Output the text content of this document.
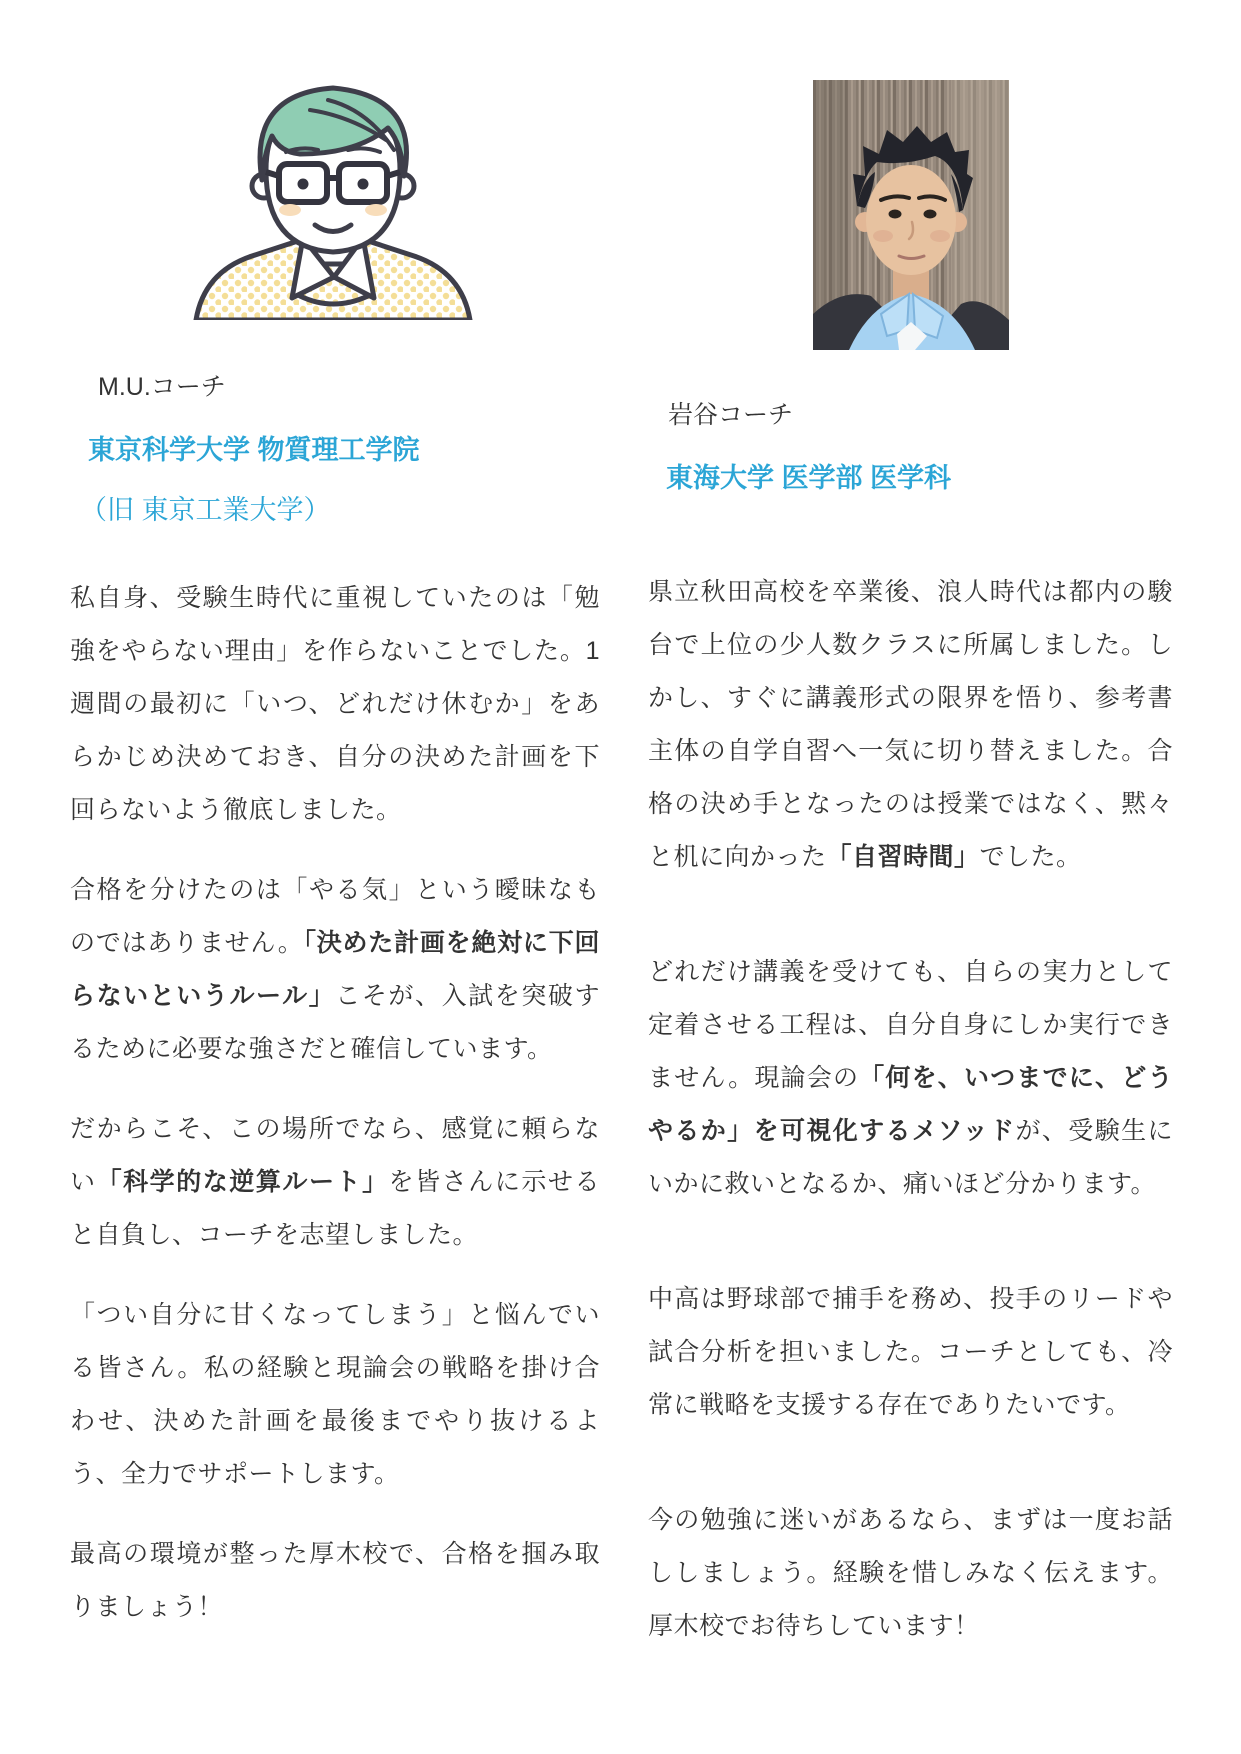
M.U.コーチ
東京科学大学 物質理工学院
（旧 東京工業大学）
私自身、受験生時代に重視していたのは「勉強をやらない理由」を作らないことでした。1週間の最初に「いつ、どれだけ休むか」をあらかじめ決めておき、自分の決めた計画を下回らないよう徹底しました。
合格を分けたのは「やる気」という曖昧なものではありません。「決めた計画を絶対に下回らないというルール」こそが、入試を突破するために必要な強さだと確信しています。
だからこそ、この場所でなら、感覚に頼らない「科学的な逆算ルート」を皆さんに示せると自負し、コーチを志望しました。
「つい自分に甘くなってしまう」と悩んでいる皆さん。私の経験と現論会の戦略を掛け合わせ、決めた計画を最後までやり抜けるよう、全力でサポートします。
最高の環境が整った厚木校で、合格を掴み取りましょう！
岩谷コーチ
東海大学 医学部 医学科
県立秋田高校を卒業後、浪人時代は都内の駿台で上位の少人数クラスに所属しました。しかし、すぐに講義形式の限界を悟り、参考書主体の自学自習へ一気に切り替えました。合格の決め手となったのは授業ではなく、黙々と机に向かった「自習時間」でした。
どれだけ講義を受けても、自らの実力として定着させる工程は、自分自身にしか実行できません。現論会の「何を、いつまでに、どうやるか」を可視化するメソッドが、受験生にいかに救いとなるか、痛いほど分かります。
中高は野球部で捕手を務め、投手のリードや試合分析を担いました。コーチとしても、冷常に戦略を支援する存在でありたいです。
今の勉強に迷いがあるなら、まずは一度お話ししましょう。経験を惜しみなく伝えます。厚木校でお待ちしています！
